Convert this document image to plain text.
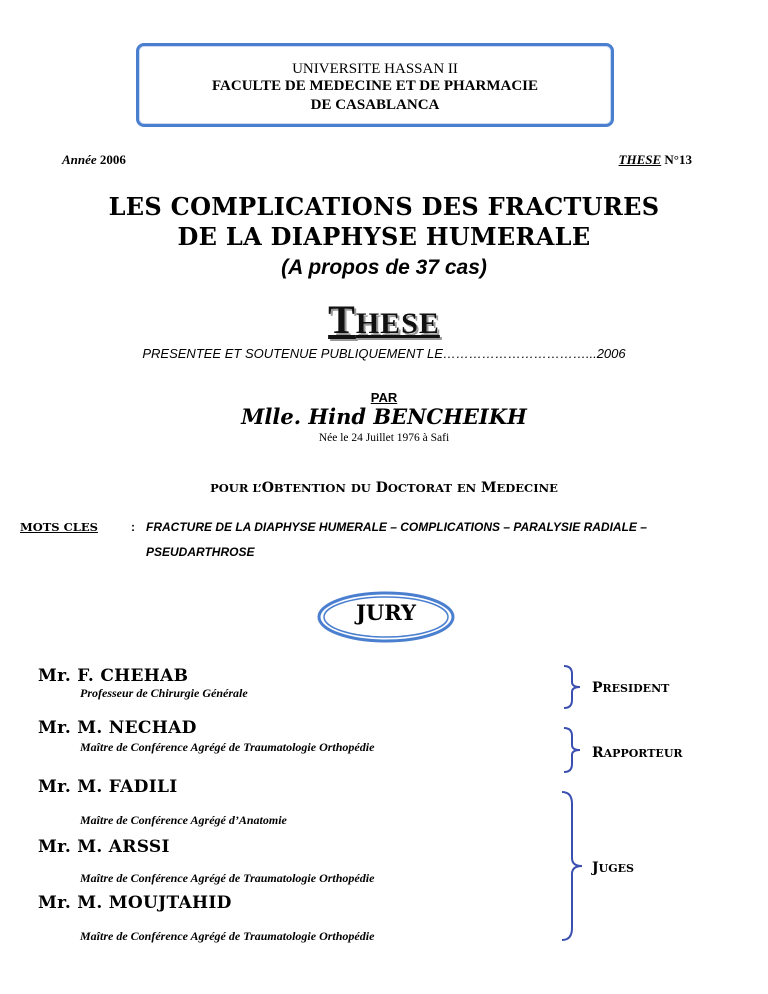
UNIVERSITE HASSAN II
FACULTE DE MEDECINE ET DE PHARMACIE
DE CASABLANCA
Année 2006	THESE N°13
LES COMPLICATIONS DES FRACTURES
DE LA DIAPHYSE HUMERALE
(A propos de 37 cas)
THESE
PRESENTEE ET SOUTENUE PUBLIQUEMENT LE……………………………...2006
PAR
Mlle. Hind BENCHEIKH
Née le 24 Juillet 1976 à Safi
POUR L’OBTENTION DU DOCTORAT EN MEDECINE
MOTS CLES	: FRACTURE DE LA DIAPHYSE HUMERALE – COMPLICATIONS – PARALYSIE RADIALE –
PSEUDARTHROSE
JURY
Mr. F. CHEHAB
Professeur de Chirurgie Générale
Mr. M. NECHAD
Maître de Conférence Agrégé de Traumatologie Orthopédie
Mr. M. FADILI
Maître de Conférence Agrégé d’Anatomie
Mr. M. ARSSI
Maître de Conférence Agrégé de Traumatologie Orthopédie
Mr. M. MOUJTAHID
Maître de Conférence Agrégé de Traumatologie Orthopédie
PRESIDENT
RAPPORTEUR
JUGES
